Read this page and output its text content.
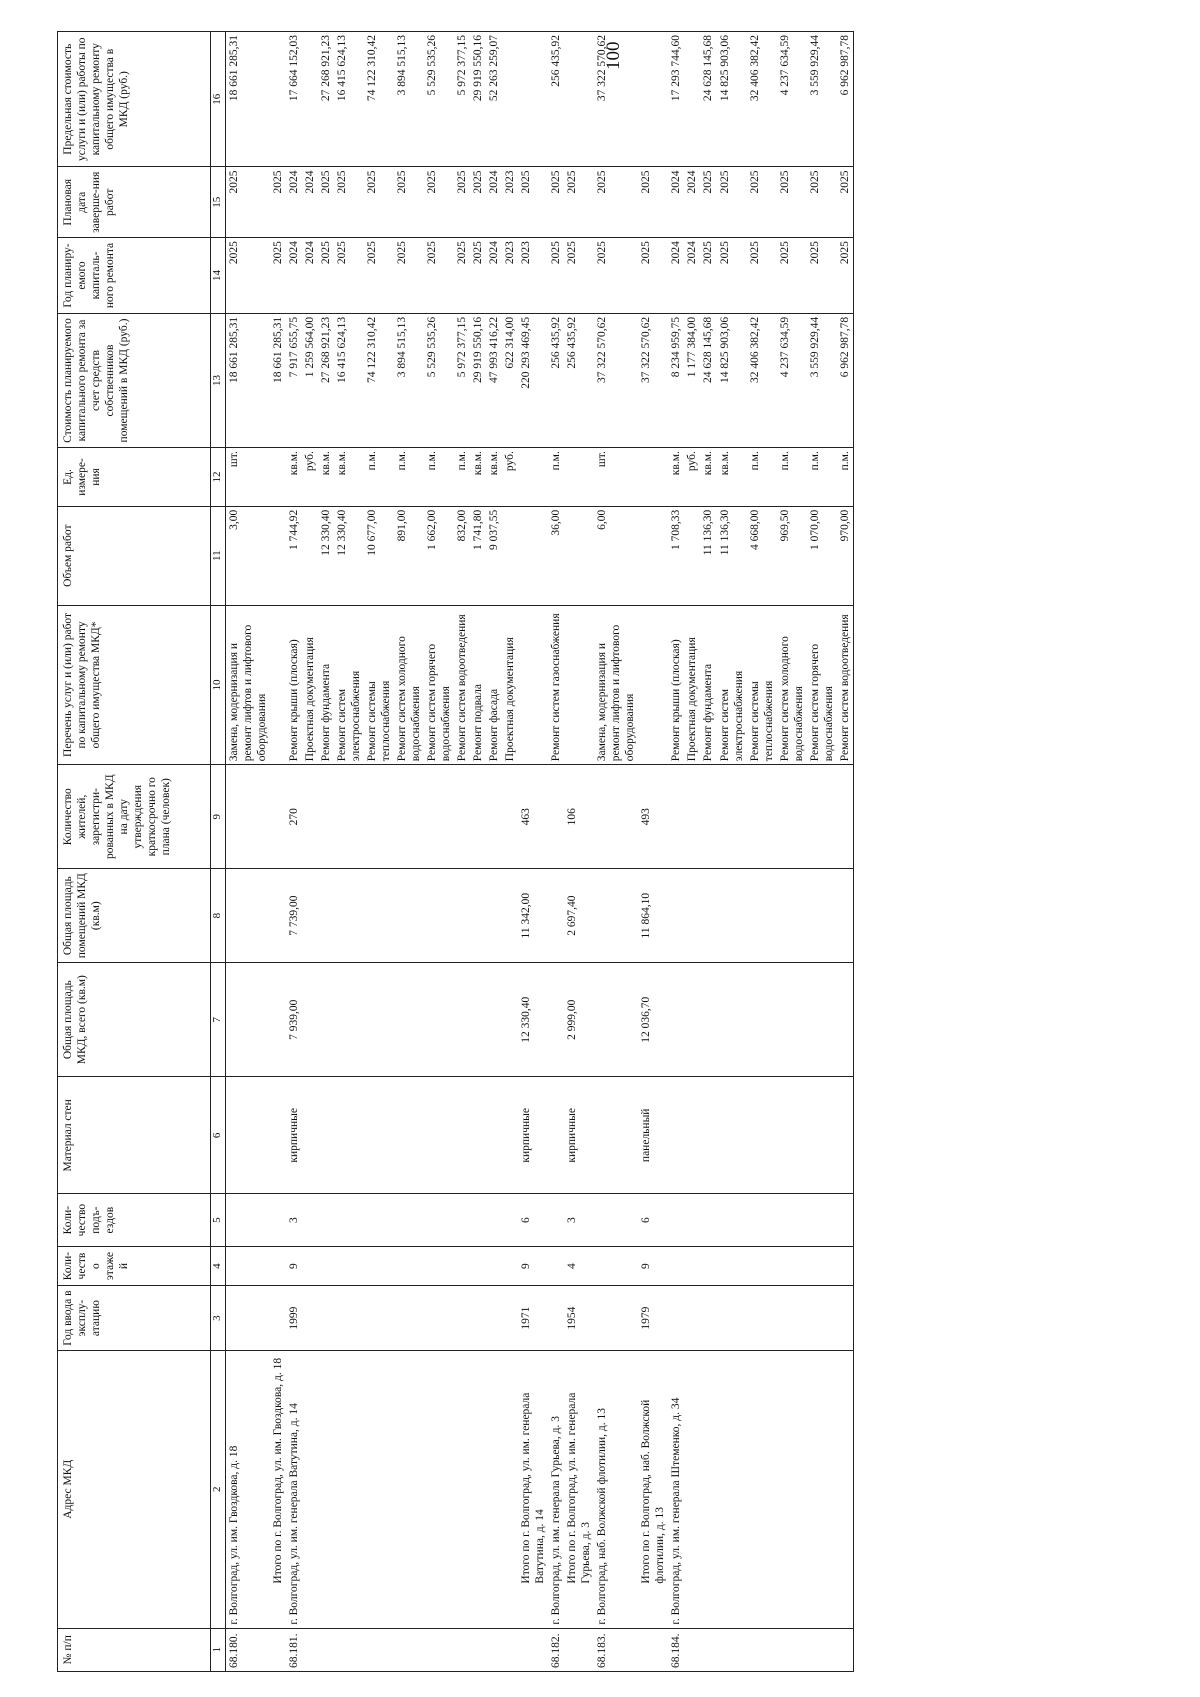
100
№ п/п	Адрес МКД	Год ввода в эксплу-атацию	Коли-чество этажей	Коли-чество подъ-ездов	Материал стен	Общая площадь МКД, всего (кв.м)	Общая площадь помещений МКД (кв.м)	Количество жителей, зарегистри-рованных в МКД на дату утверждения краткосрочно го плана (человек)	Перечень услуг и (или) работ по капитальному ремонту общего имущества МКД*	Объем работ	Ед. измере-ния	Стоимость планируемого капитального ремонта за счет средств собственников помещений в МКД (руб.)	Год планиру-емого капиталь-ного ремонта	Плановая дата заверше-ния работ	Предельная стоимость услуги и (или) работы по капитальному ремонту общего имущества в МКД (руб.)
1	2	3	4	5	6	7	8	9	10	11	12	13	14	15	16
68.180.	г. Волгоград, ул. им. Гвоздкова, д. 18								Замена, модернизация и ремонт лифтов и лифтового оборудования	3,00	шт.	18 661 285,31	2025	2025	18 661 285,31
	Итого по г. Волгоград, ул. им. Гвоздкова, д. 18											18 661 285,31	2025	2025	
68.181.	г. Волгоград, ул. им. генерала Ватутина, д. 14	1999	9	3	кирпичные	7 939,00	7 739,00	270	Ремонт крыши (плоская)	1 744,92	кв.м.	7 917 655,75	2024	2024	17 664 152,03
									Проектная документация		руб.	1 259 564,00	2024	2024	
									Ремонт фундамента	12 330,40	кв.м.	27 268 921,23	2025	2025	27 268 921,23
									Ремонт систем электроснабжения	12 330,40	кв.м.	16 415 624,13	2025	2025	16 415 624,13
									Ремонт системы теплоснабжения	10 677,00	п.м.	74 122 310,42	2025	2025	74 122 310,42
									Ремонт систем холодного водоснабжения	891,00	п.м.	3 894 515,13	2025	2025	3 894 515,13
									Ремонт систем горячего водоснабжения	1 662,00	п.м.	5 529 535,26	2025	2025	5 529 535,26
									Ремонт систем водоотведения	832,00	п.м.	5 972 377,15	2025	2025	5 972 377,15
									Ремонт подвала	1 741,80	кв.м.	29 919 550,16	2025	2025	29 919 550,16
									Ремонт фасада	9 037,55	кв.м.	47 993 416,22	2024	2024	52 263 259,07
									Проектная документация		руб.	622 314,00	2023	2023	
	Итого по г. Волгоград, ул. им. генерала Ватутина, д. 14	1971	9	6	кирпичные	12 330,40	11 342,00	463				220 293 469,45	2023	2025	
68.182.	г. Волгоград, ул. им. генерала Гурьева, д. 3								Ремонт систем газоснабжения	36,00	п.м.	256 435,92	2025	2025	256 435,92
	Итого по г. Волгоград, ул. им. генерала Гурьева, д. 3	1954	4	3	кирпичные	2 999,00	2 697,40	106				256 435,92	2025	2025	
68.183.	г. Волгоград, наб. Волжской флотилии, д. 13								Замена, модернизация и ремонт лифтов и лифтового оборудования	6,00	шт.	37 322 570,62	2025	2025	37 322 570,62
	Итого по г. Волгоград, наб. Волжской флотилии, д. 13	1979	9	6	панельный	12 036,70	11 864,10	493				37 322 570,62	2025	2025	
68.184.	г. Волгоград, ул. им. генерала Штеменко, д. 34								Ремонт крыши (плоская)	1 708,33	кв.м.	8 234 959,75	2024	2024	17 293 744,60
									Проектная документация		руб.	1 177 384,00	2024	2024	
									Ремонт фундамента	11 136,30	кв.м.	24 628 145,68	2025	2025	24 628 145,68
									Ремонт систем электроснабжения	11 136,30	кв.м.	14 825 903,06	2025	2025	14 825 903,06
									Ремонт системы теплоснабжения	4 668,00	п.м.	32 406 382,42	2025	2025	32 406 382,42
									Ремонт систем холодного водоснабжения	969,50	п.м.	4 237 634,59	2025	2025	4 237 634,59
									Ремонт систем горячего водоснабжения	1 070,00	п.м.	3 559 929,44	2025	2025	3 559 929,44
									Ремонт систем водоотведения	970,00	п.м.	6 962 987,78	2025	2025	6 962 987,78
